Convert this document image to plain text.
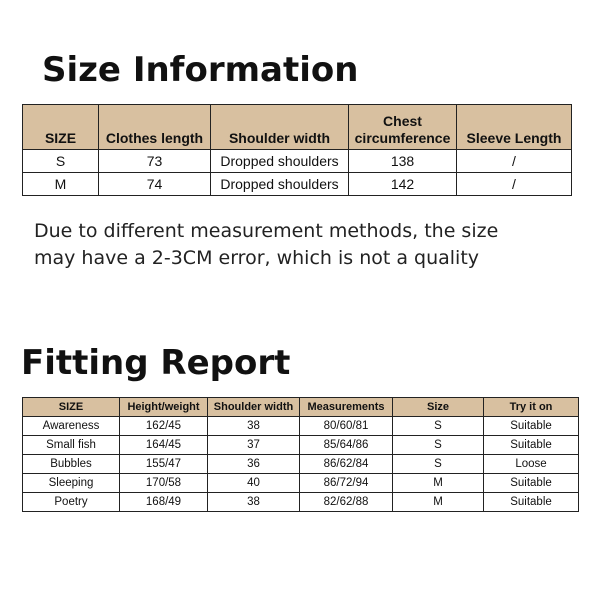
Size Information
SIZE	Clothes length	Shoulder width	Chest circumference	Sleeve Length
S	73	Dropped shoulders	138	/
M	74	Dropped shoulders	142	/

Due to different measurement methods, the size
may have a 2-3CM error, which is not a quality

Fitting Report
SIZE	Height/weight	Shoulder width	Measurements	Size	Try it on
Awareness	162/45	38	80/60/81	S	Suitable
Small fish	164/45	37	85/64/86	S	Suitable
Bubbles	155/47	36	86/62/84	S	Loose
Sleeping	170/58	40	86/72/94	M	Suitable
Poetry	168/49	38	82/62/88	M	Suitable
